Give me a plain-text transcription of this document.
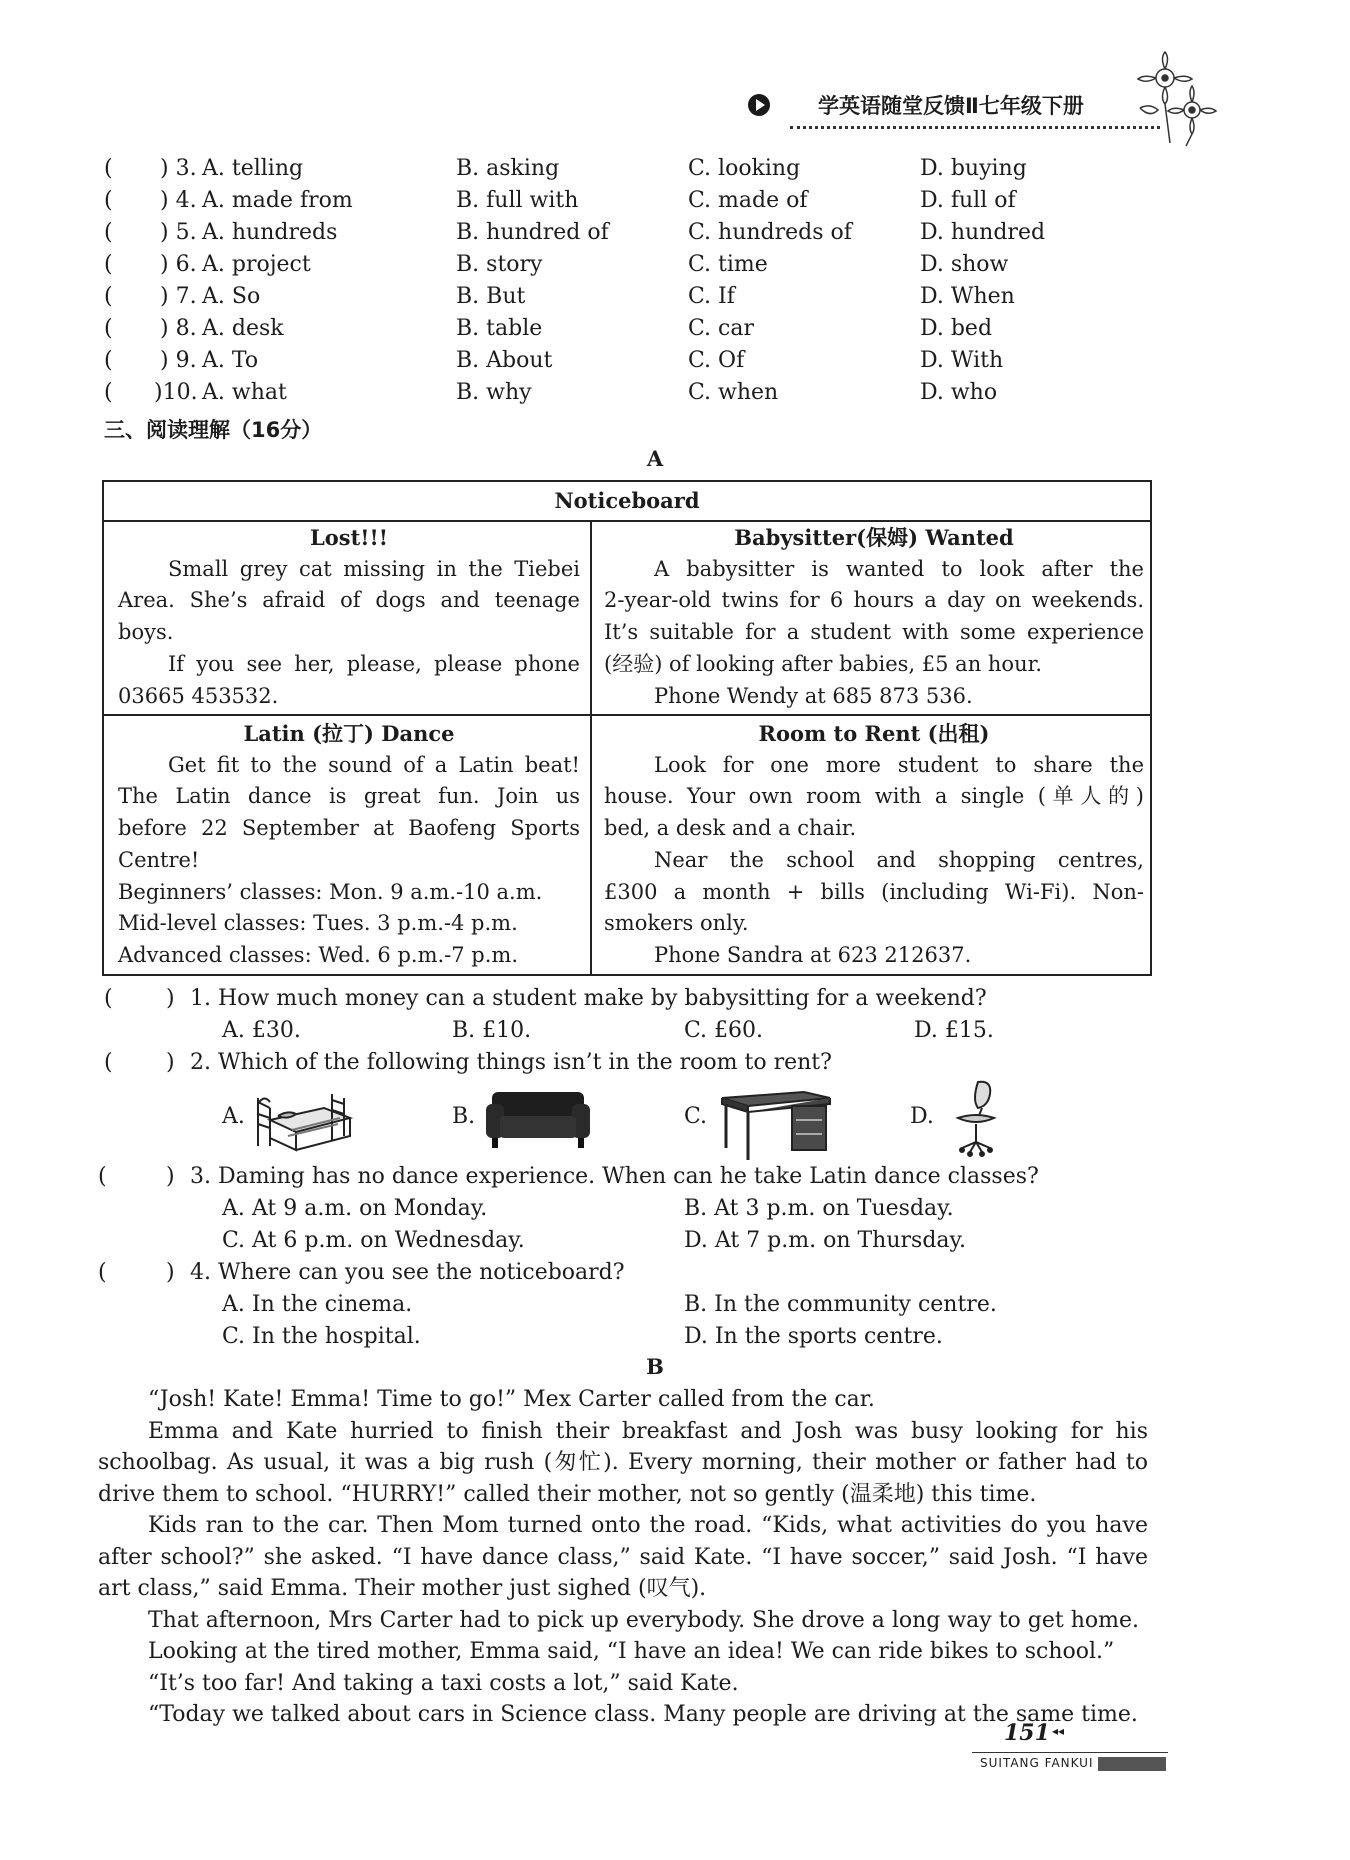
学英语随堂反馈Ⅱ七年级下册
( ) 3. A. telling	B. asking	C. looking	D. buying
( ) 4. A. made from	B. full with	C. made of	D. full of
( ) 5. A. hundreds	B. hundred of	C. hundreds of	D. hundred
( ) 6. A. project	B. story	C. time	D. show
( ) 7. A. So	B. But	C. If	D. When
( ) 8. A. desk	B. table	C. car	D. bed
( ) 9. A. To	B. About	C. Of	D. With
( )10. A. what	B. why	C. when	D. who
三、阅读理解（16分）
A
Noticeboard
Lost!!!

Small grey cat missing in the Tiebei

Area. She’s afraid of dogs and teenage

boys.

If you see her, please, please phone

03665 453532.

Babysitter(保姆) Wanted

A babysitter is wanted to look after the

2-year-old twins for 6 hours a day on weekends.

It’s suitable for a student with some experience

(经验) of looking after babies, £5 an hour.

Phone Wendy at 685 873 536.

Latin (拉丁) Dance

Get fit to the sound of a Latin beat!

The Latin dance is great fun. Join us

before 22 September at Baofeng Sports

Centre!

Beginners’ classes: Mon. 9 a.m.-10 a.m.

Mid-level classes: Tues. 3 p.m.-4 p.m.

Advanced classes: Wed. 6 p.m.-7 p.m.

Room to Rent (出租)

Look for one more student to share the

house. Your own room with a single (单人的)

bed, a desk and a chair.

Near the school and shopping centres,

£300 a month + bills (including Wi-Fi). Non-

smokers only.

Phone Sandra at 623 212637.

( ) 1. How much money can a student make by babysitting for a weekend?
A. £30.	B. £10.	C. £60.	D. £15.
( ) 2. Which of the following things isn’t in the room to rent?
A.	B.	C.	D.
(	) 3. Daming has no dance experience. When can he take Latin dance classes?
A. At 9 a.m. on Monday.	B. At 3 p.m. on Tuesday.
C. At 6 p.m. on Wednesday.	D. At 7 p.m. on Thursday.
(	) 4. Where can you see the noticeboard?
A. In the cinema.	B. In the community centre.
C. In the hospital.	D. In the sports centre.
B

“Josh! Kate! Emma! Time to go!” Mex Carter called from the car.

Emma and Kate hurried to finish their breakfast and Josh was busy looking for his schoolbag. As usual, it was a big rush (匆忙). Every morning, their mother or father had to drive them to school. “HURRY!” called their mother, not so gently (温柔地) this time.

Kids ran to the car. Then Mom turned onto the road. “Kids, what activities do you have after school?” she asked. “I have dance class,” said Kate. “I have soccer,” said Josh. “I have art class,” said Emma. Their mother just sighed (叹气).

That afternoon, Mrs Carter had to pick up everybody. She drove a long way to get home.

Looking at the tired mother, Emma said, “I have an idea! We can ride bikes to school.”

“It’s too far! And taking a taxi costs a lot,” said Kate.

“Today we talked about cars in Science class. Many people are driving at the same time.

151 ◂◂
SUITANG FANKUI
